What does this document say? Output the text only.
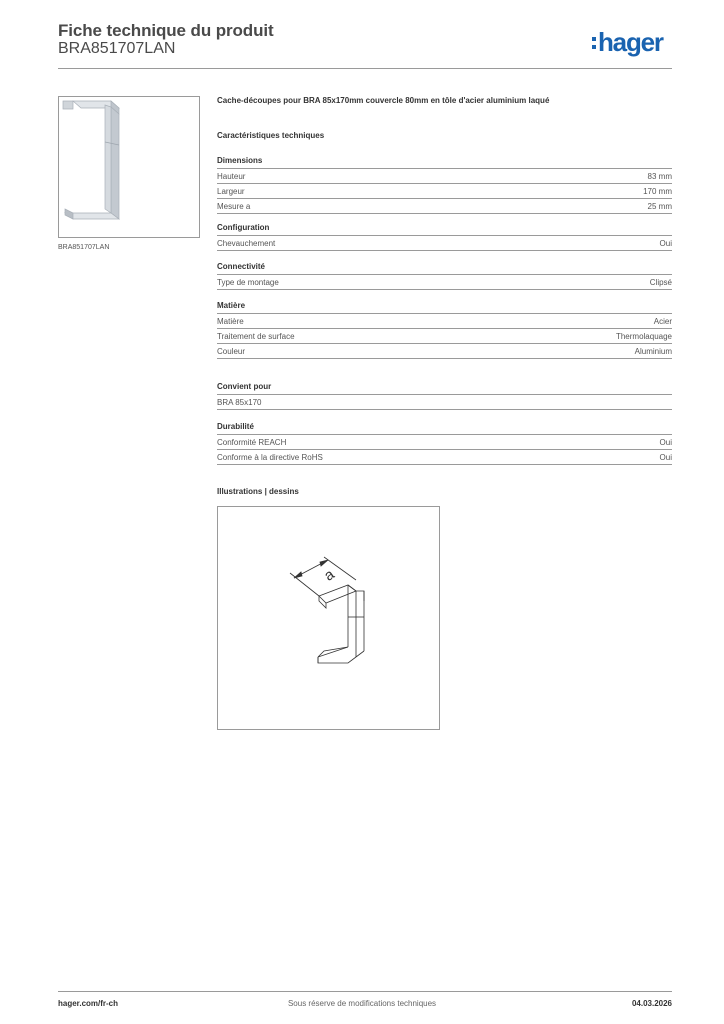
Fiche technique du produit
BRA851707LAN	hager
BRA851707LAN
Cache-découpes pour BRA 85x170mm couvercle 80mm en tôle d'acier aluminium laqué
Caractéristiques techniques
Dimensions
Hauteur	83 mm
Largeur	170 mm
Mesure a	25 mm
Configuration
Chevauchement	Oui
Connectivité
Type de montage	Clipsé
Matière
Matière	Acier
Traitement de surface	Thermolaquage
Couleur	Aluminium
Convient pour
BRA 85x170
Durabilité
Conformité REACH	Oui
Conforme à la directive RoHS	Oui
Illustrations | dessins
a
hager.com/fr-ch	Sous réserve de modifications techniques	04.03.2026
